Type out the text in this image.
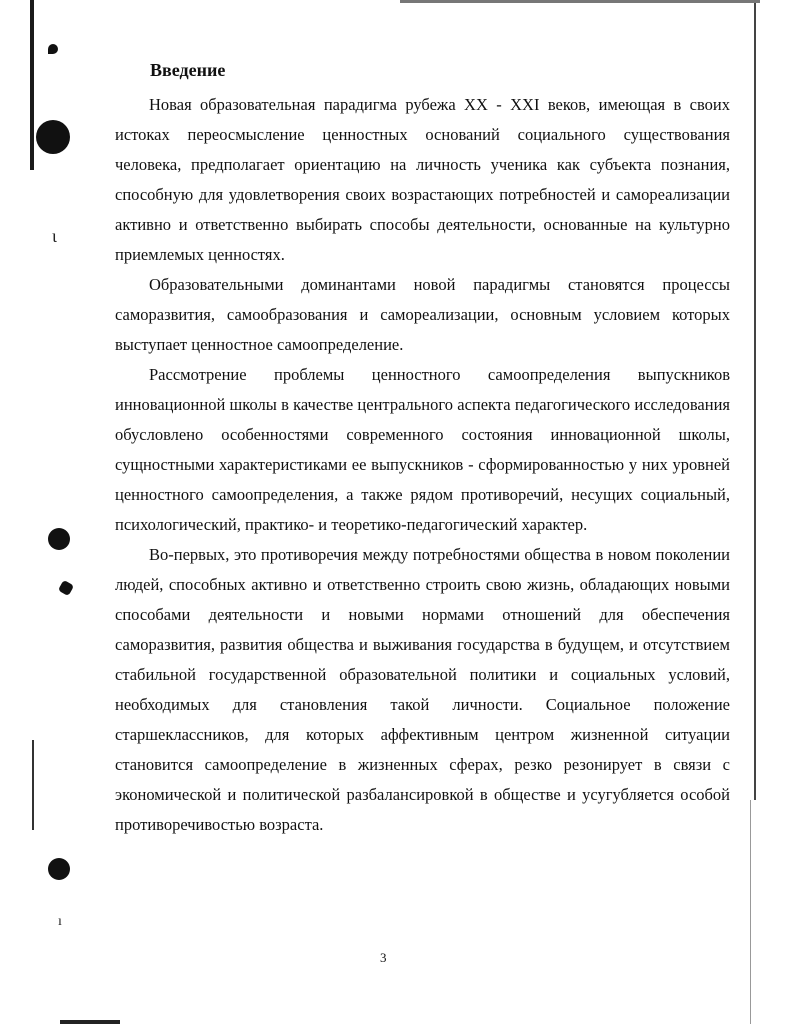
ι
ı
Введение

Новая образовательная парадигма рубежа XX - XXI веков, имеющая в своих истоках переосмысление ценностных оснований социального существования человека, предполагает ориентацию на личность ученика как субъекта познания, способную для удовлетворения своих возрастающих потребностей и самореализации активно и ответственно выбирать способы деятельности, основанные на культурно приемлемых ценностях.

Образовательными доминантами новой парадигмы становятся процессы саморазвития, самообразования и самореализации, основным условием которых выступает ценностное самоопределение.

Рассмотрение проблемы ценностного самоопределения выпускников инновационной школы в качестве центрального аспекта педагогического исследования обусловлено особенностями современного состояния инновационной школы, сущностными характеристиками ее выпускников - сформированностью у них уровней ценностного самоопределения, а также рядом противоречий, несущих социальный, психологический, практико- и теоретико-педагогический характер.

Во-первых, это противоречия между потребностями общества в новом поколении людей, способных активно и ответственно строить свою жизнь, обладающих новыми способами деятельности и новыми нормами отношений для обеспечения саморазвития, развития общества и выживания государства в будущем, и отсутствием стабильной государственной образовательной политики и социальных условий, необходимых для становления такой личности. Социальное положение старшеклассников, для которых аффективным центром жизненной ситуации становится самоопределение в жизненных сферах, резко резонирует в связи с экономической и политической разбалансировкой в обществе и усугубляется особой противоречивостью возраста.

3
